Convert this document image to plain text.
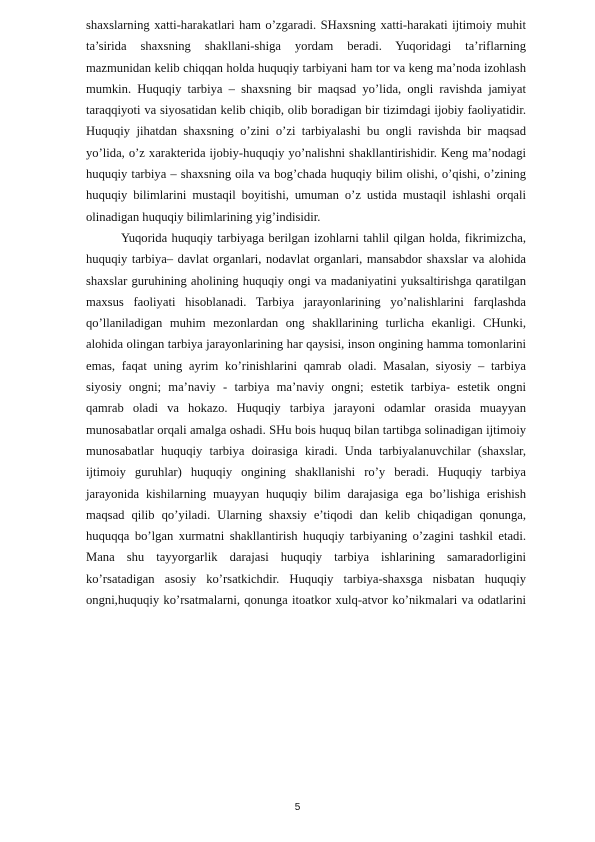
shaxslarning xatti-harakatlari ham o’zgaradi. SHaxsning xatti-harakati ijtimoiy muhit ta’sirida shaxsning shakllani-shiga yordam beradi. Yuqoridagi ta’riflarning mazmunidan kelib chiqqan holda huquqiy tarbiyani ham tor va keng ma’noda izohlash mumkin. Huquqiy tarbiya – shaxsning bir maqsad yo’lida, ongli ravishda jamiyat taraqqiyoti va siyosatidan kelib chiqib, olib boradigan bir tizimdagi ijobiy faoliyatidir. Huquqiy jihatdan shaxsning o’zini o’zi tarbiyalashi bu ongli ravishda bir maqsad yo’lida, o’z xarakterida ijobiy-huquqiy yo’nalishni shakllantirishidir. Keng ma’nodagi huquqiy tarbiya – shaxsning oila va bog’chada huquqiy bilim olishi, o’qishi, o’zining huquqiy bilimlarini mustaqil boyitishi, umuman o’z ustida mustaqil ishlashi orqali olinadigan huquqiy bilimlarining yig’indisidir.

Yuqorida huquqiy tarbiyaga berilgan izohlarni tahlil qilgan holda, fikrimizcha, huquqiy tarbiya– davlat organlari, nodavlat organlari, mansabdor shaxslar va alohida shaxslar guruhining aholining huquqiy ongi va madaniyatini yuksaltirishga qaratilgan maxsus faoliyati hisoblanadi. Tarbiya jarayonlarining yo’nalishlarini farqlashda qo’llaniladigan muhim mezonlardan ong shakllarining turlicha ekanligi. CHunki, alohida olingan tarbiya jarayonlarining har qaysisi, inson ongining hamma tomonlarini emas, faqat uning ayrim ko’rinishlarini qamrab oladi. Masalan, siyosiy – tarbiya siyosiy ongni; ma’naviy - tarbiya ma’naviy ongni; estetik tarbiya- estetik ongni qamrab oladi va hokazo. Huquqiy tarbiya jarayoni odamlar orasida muayyan munosabatlar orqali amalga oshadi. SHu bois huquq bilan tartibga solinadigan ijtimoiy munosabatlar huquqiy tarbiya doirasiga kiradi. Unda tarbiyalanuvchilar (shaxslar, ijtimoiy guruhlar) huquqiy ongining shakllanishi ro’y beradi. Huquqiy tarbiya jarayonida kishilarning muayyan huquqiy bilim darajasiga ega bo’lishiga erishish maqsad qilib qo’yiladi. Ularning shaxsiy e’tiqodi dan kelib chiqadigan qonunga, huquqqa bo’lgan xurmatni shakllantirish huquqiy tarbiyaning o’zagini tashkil etadi. Mana shu tayyorgarlik darajasi huquqiy tarbiya ishlarining samaradorligini ko’rsatadigan asosiy ko’rsatkichdir. Huquqiy tarbiya-shaxsga nisbatan huquqiy ongni,huquqiy ko’rsatmalarni, qonunga itoatkor xulq-atvor ko’nikmalari va odatlarini

5
